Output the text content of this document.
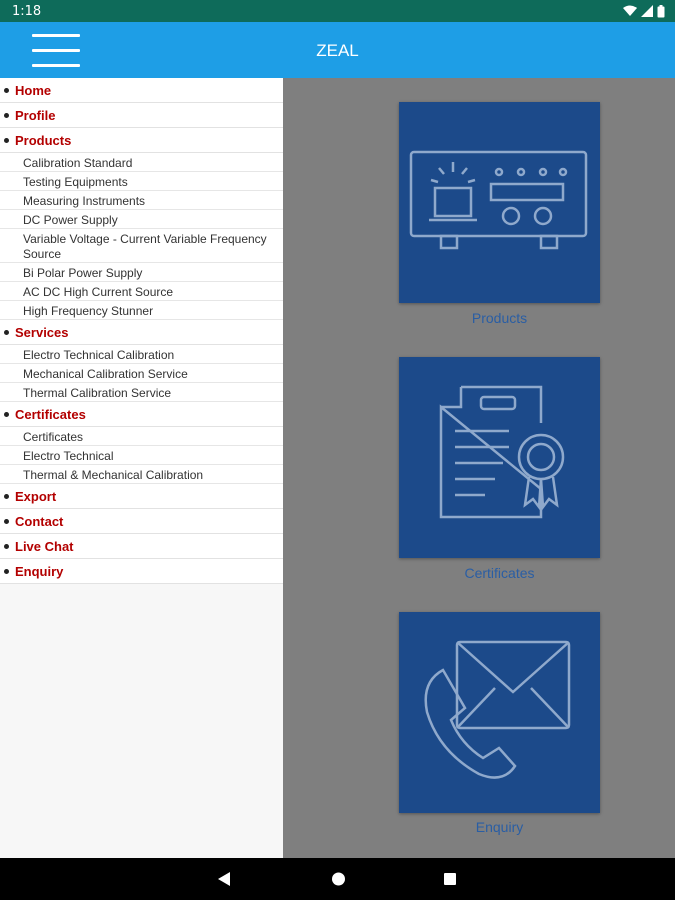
1:18
ZEAL
Products
Certificates
Enquiry
Home
Profile
Products
Calibration Standard
Testing Equipments
Measuring Instruments
DC Power Supply
Variable Voltage - Current Variable Frequency Source
Bi Polar Power Supply
AC DC High Current Source
High Frequency Stunner
Services
Electro Technical Calibration
Mechanical Calibration Service
Thermal Calibration Service
Certificates
Certificates
Electro Technical
Thermal & Mechanical Calibration
Export
Contact
Live Chat
Enquiry
